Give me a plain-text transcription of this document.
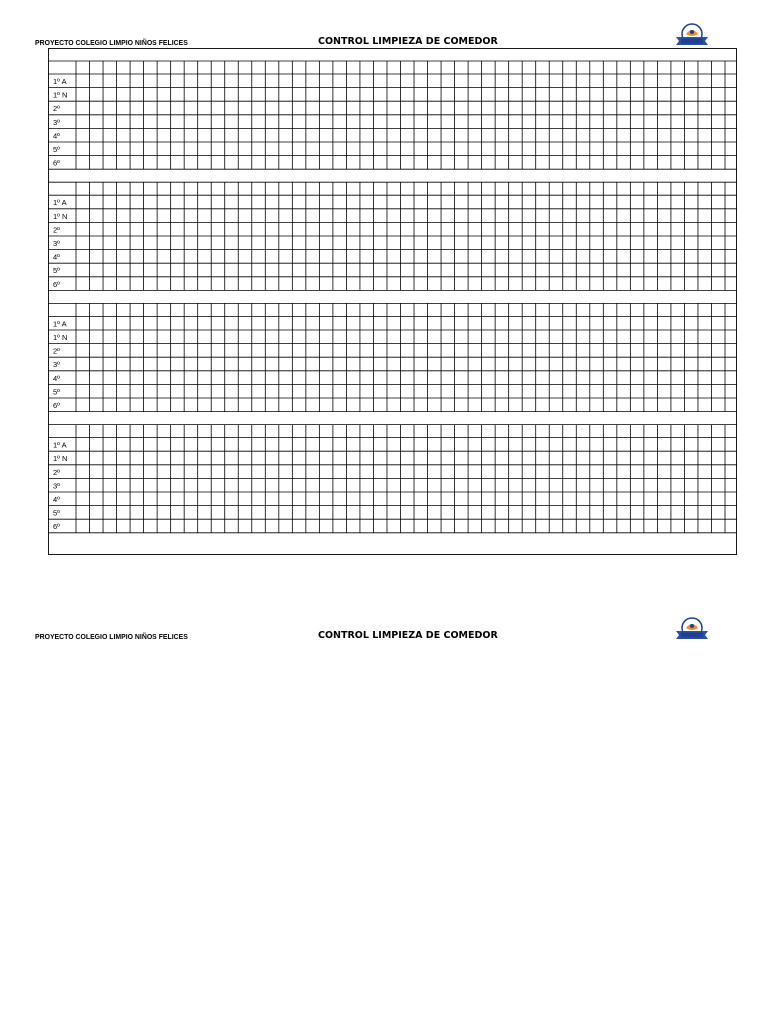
PROYECTO COLEGIO LIMPIO NIÑOS FELICES	CONTROL LIMPIEZA DE COMEDOR
1º A
1º N
2º
3º
4º
5º
6º
1º A
1º N
2º
3º
4º
5º
6º
1º A
1º N
2º
3º
4º
5º
6º
1º A
1º N
2º
3º
4º
5º
6º
PROYECTO COLEGIO LIMPIO NIÑOS FELICES	CONTROL LIMPIEZA DE COMEDOR
